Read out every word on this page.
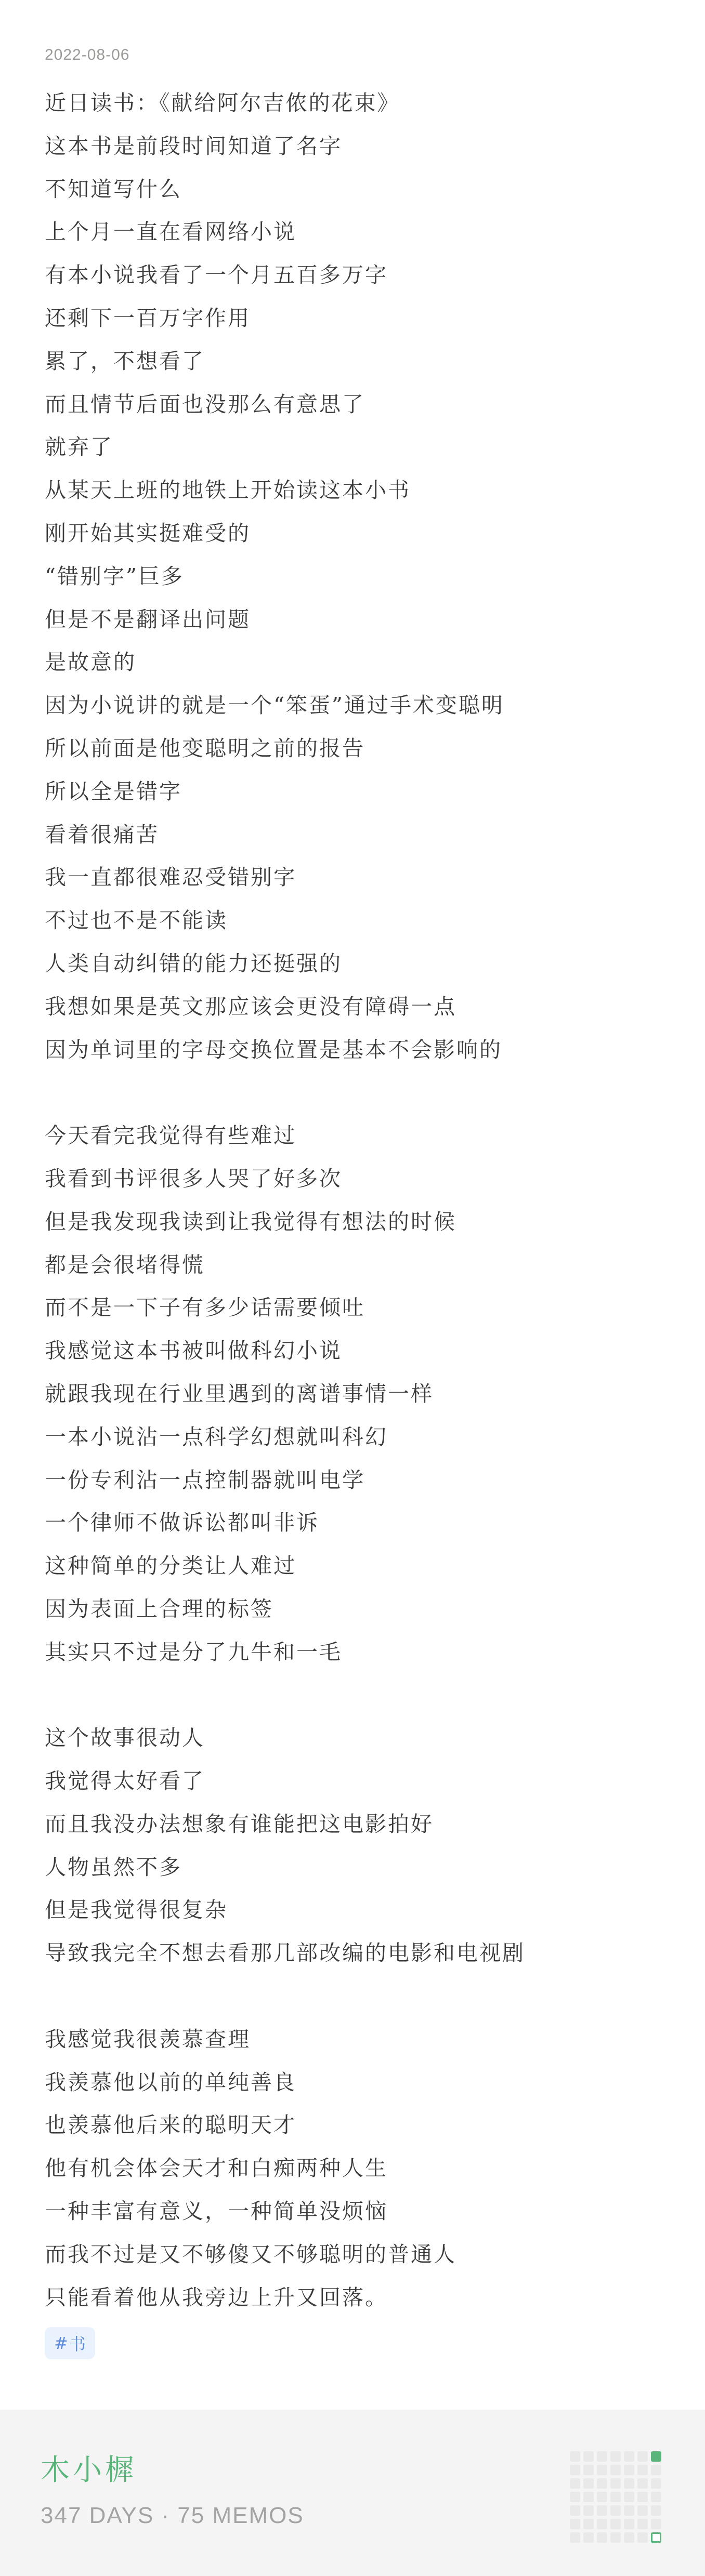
2022-08-06
近日读书：《献给阿尔吉侬的花束》
这本书是前段时间知道了名字
不知道写什么
上个月一直在看网络小说
有本小说我看了一个月五百多万字
还剩下一百万字作用
累了，不想看了
而且情节后面也没那么有意思了
就弃了
从某天上班的地铁上开始读这本小书
刚开始其实挺难受的
“错别字”巨多
但是不是翻译出问题
是故意的
因为小说讲的就是一个“笨蛋”通过手术变聪明
所以前面是他变聪明之前的报告
所以全是错字
看着很痛苦
我一直都很难忍受错别字
不过也不是不能读
人类自动纠错的能力还挺强的
我想如果是英文那应该会更没有障碍一点
因为单词里的字母交换位置是基本不会影响的
今天看完我觉得有些难过
我看到书评很多人哭了好多次
但是我发现我读到让我觉得有想法的时候
都是会很堵得慌
而不是一下子有多少话需要倾吐
我感觉这本书被叫做科幻小说
就跟我现在行业里遇到的离谱事情一样
一本小说沾一点科学幻想就叫科幻
一份专利沾一点控制器就叫电学
一个律师不做诉讼都叫非诉
这种简单的分类让人难过
因为表面上合理的标签
其实只不过是分了九牛和一毛
这个故事很动人
我觉得太好看了
而且我没办法想象有谁能把这电影拍好
人物虽然不多
但是我觉得很复杂
导致我完全不想去看那几部改编的电影和电视剧
我感觉我很羡慕查理
我羡慕他以前的单纯善良
也羡慕他后来的聪明天才
他有机会体会天才和白痴两种人生
一种丰富有意义，一种简单没烦恼
而我不过是又不够傻又不够聪明的普通人
只能看着他从我旁边上升又回落。
# 书
木小樨
347 DAYS · 75 MEMOS
